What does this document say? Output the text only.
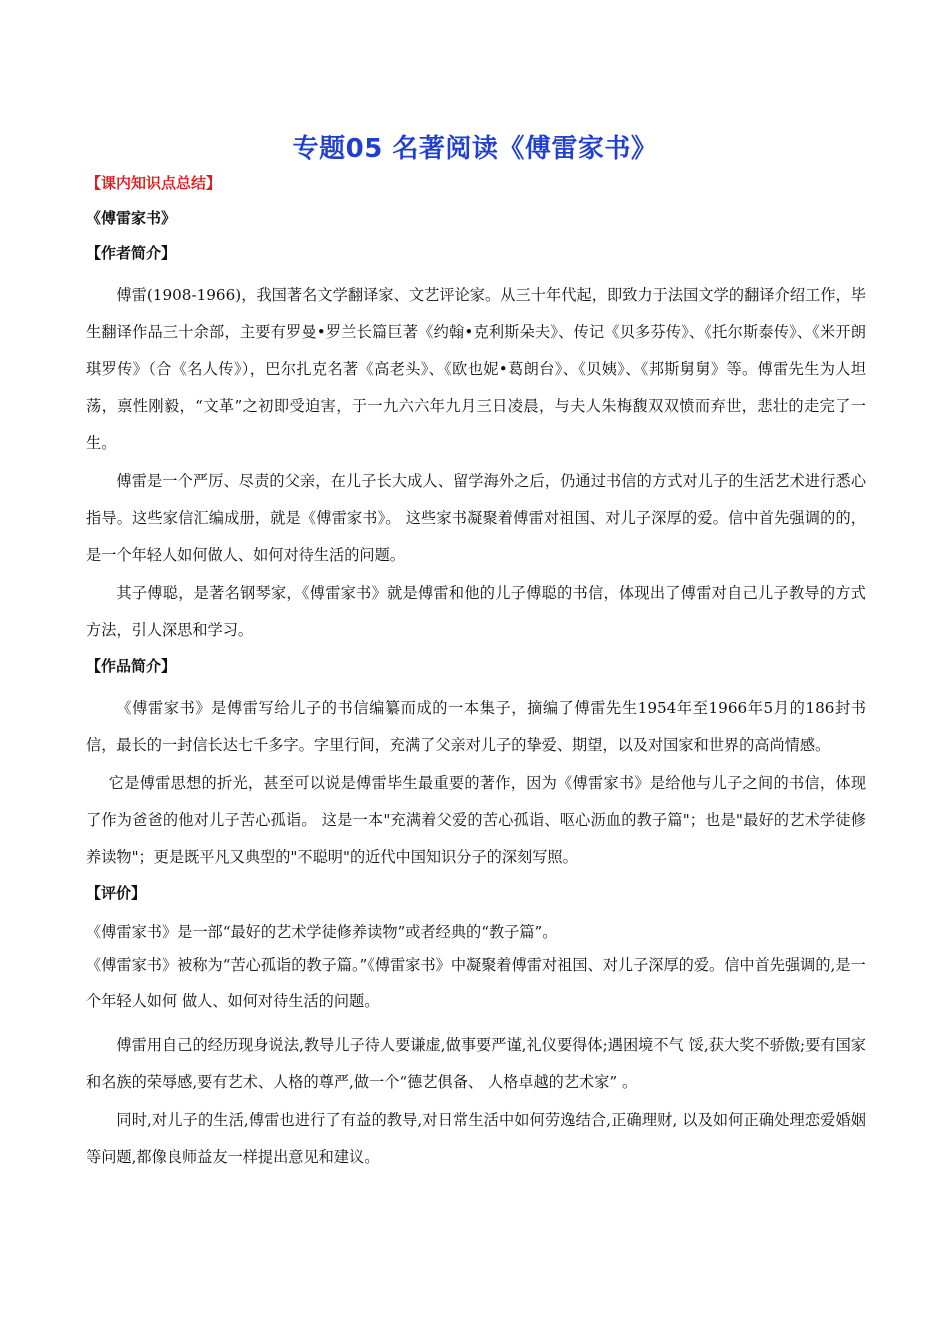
专题05 名著阅读《傅雷家书》
【课内知识点总结】
《傅雷家书》
【作者简介】

傅雷(1908-1966)，我国著名文学翻译家、文艺评论家。从三十年代起，即致力于法国文学的翻译介绍工作，毕生翻译作品三十余部，主要有罗曼•罗兰长篇巨著《约翰•克利斯朵夫》、传记《贝多芬传》、《托尔斯泰传》、《米开朗琪罗传》（合《名人传》），巴尔扎克名著《高老头》、《欧也妮•葛朗台》、《贝姨》、《邦斯舅舅》等。傅雷先生为人坦荡，禀性刚毅，“文革”之初即受迫害，于一九六六年九月三日凌晨，与夫人朱梅馥双双愤而弃世，悲壮的走完了一生。

傅雷是一个严厉、尽责的父亲，在儿子长大成人、留学海外之后，仍通过书信的方式对儿子的生活艺术进行悉心指导。这些家信汇编成册，就是《傅雷家书》。 这些家书凝聚着傅雷对祖国、对儿子深厚的爱。信中首先强调的的，是一个年轻人如何做人、如何对待生活的问题。

其子傅聪，是著名钢琴家，《傅雷家书》就是傅雷和他的儿子傅聪的书信，体现出了傅雷对自己儿子教导的方式方法，引人深思和学习。

【作品简介】

《傅雷家书》是傅雷写给儿子的书信编纂而成的一本集子，摘编了傅雷先生1954年至1966年5月的186封书信，最长的一封信长达七千多字。字里行间，充满了父亲对儿子的挚爱、期望，以及对国家和世界的高尚情感。

它是傅雷思想的折光，甚至可以说是傅雷毕生最重要的著作，因为《傅雷家书》是给他与儿子之间的书信，体现了作为爸爸的他对儿子苦心孤诣。 这是一本"充满着父爱的苦心孤诣、呕心沥血的教子篇"；也是"最好的艺术学徒修养读物"；更是既平凡又典型的"不聪明"的近代中国知识分子的深刻写照。

【评价】

《傅雷家书》是一部“最好的艺术学徒修养读物”或者经典的“教子篇”。

《傅雷家书》被称为“苦心孤诣的教子篇。”《傅雷家书》中凝聚着傅雷对祖国、对儿子深厚的爱。信中首先强调的,是一个年轻人如何 做人、如何对待生活的问题。

傅雷用自己的经历现身说法,教导儿子待人要谦虚,做事要严谨,礼仪要得体;遇困境不气 馁,获大奖不骄傲;要有国家和名族的荣辱感,要有艺术、人格的尊严,做一个“德艺俱备、 人格卓越的艺术家” 。

同时,对儿子的生活,傅雷也进行了有益的教导,对日常生活中如何劳逸结合,正确理财, 以及如何正确处理恋爱婚姻等问题,都像良师益友一样提出意见和建议。
